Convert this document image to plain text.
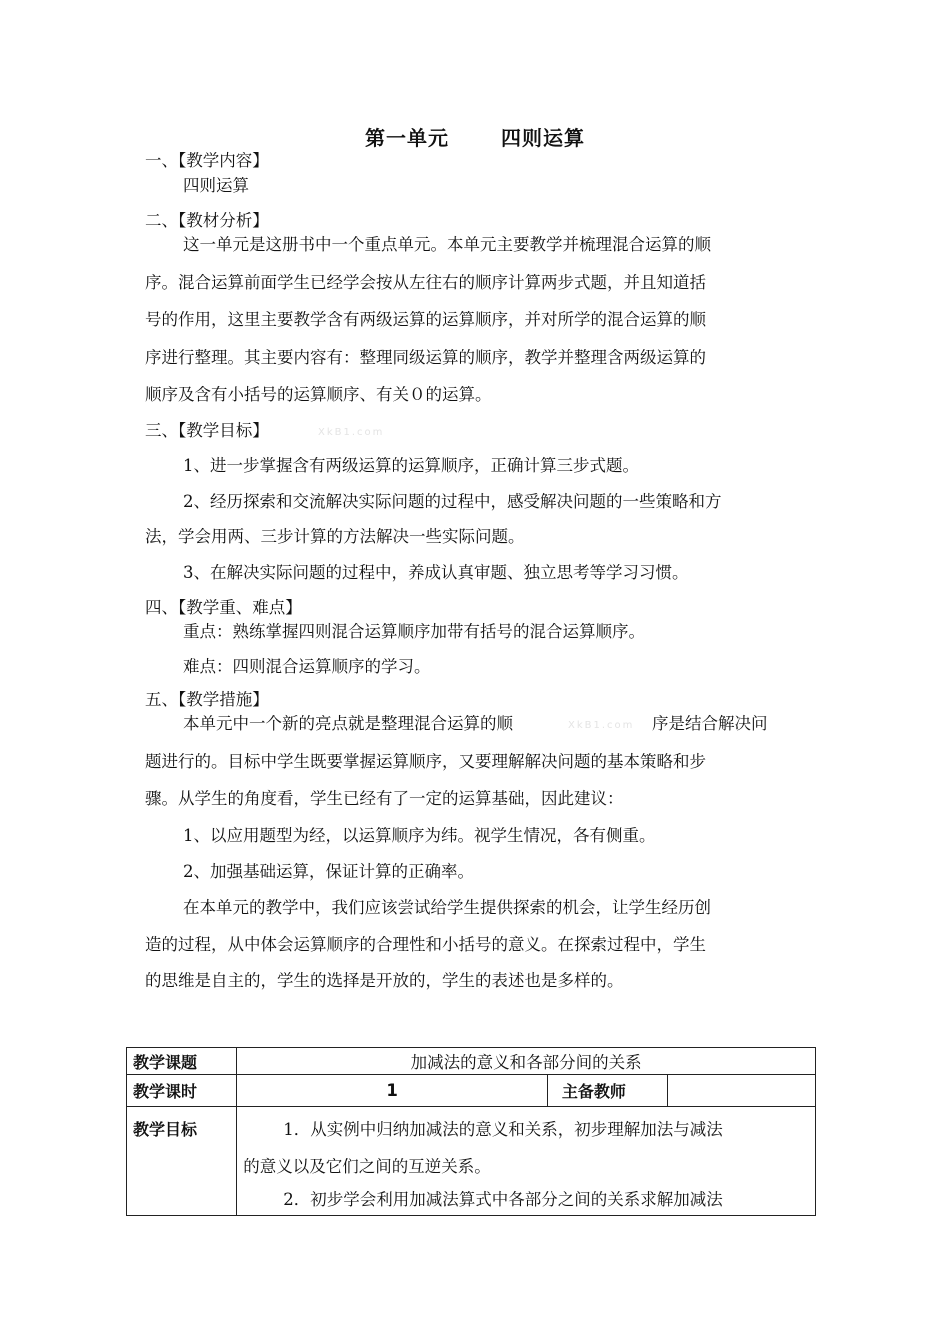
第一单元	四则运算
一、【教学内容】
四则运算
二、【教材分析】
这一单元是这册书中一个重点单元。本单元主要教学并梳理混合运算的顺
序。混合运算前面学生已经学会按从左往右的顺序计算两步式题，并且知道括
号的作用，这里主要教学含有两级运算的运算顺序，并对所学的混合运算的顺
序进行整理。其主要内容有：整理同级运算的顺序，教学并整理含两级运算的
顺序及含有小括号的运算顺序、有关０的运算。
三、【教学目标】	XkB1.com
1、进一步掌握含有两级运算的运算顺序，正确计算三步式题。
2、经历探索和交流解决实际问题的过程中，感受解决问题的一些策略和方
法，学会用两、三步计算的方法解决一些实际问题。
3、在解决实际问题的过程中，养成认真审题、独立思考等学习习惯。
四、【教学重、难点】
重点：熟练掌握四则混合运算顺序加带有括号的混合运算顺序。
难点：四则混合运算顺序的学习。
五、【教学措施】
本单元中一个新的亮点就是整理混合运算的顺	XkB1.com 序是结合解决问
题进行的。目标中学生既要掌握运算顺序，又要理解解决问题的基本策略和步
骤。从学生的角度看，学生已经有了一定的运算基础，因此建议：
1、以应用题型为经，以运算顺序为纬。视学生情况，各有侧重。
2、加强基础运算，保证计算的正确率。
在本单元的教学中，我们应该尝试给学生提供探索的机会，让学生经历创
造的过程，从中体会运算顺序的合理性和小括号的意义。在探索过程中，学生
的思维是自主的，学生的选择是开放的，学生的表述也是多样的。
教学课题	加减法的意义和各部分间的关系		
教学课时	1	主备教师	
教学目标	1．从实例中归纳加减法的意义和关系，初步理解加法与减法
的意义以及它们之间的互逆关系。
2．初步学会利用加减法算式中各部分之间的关系求解加减法		
